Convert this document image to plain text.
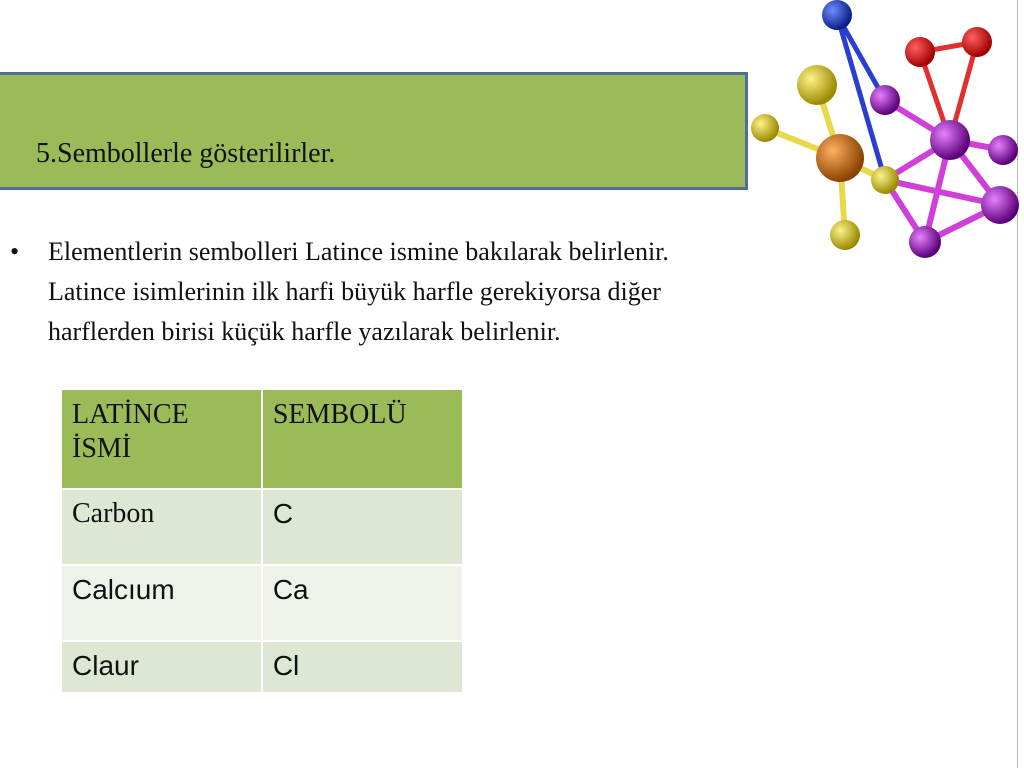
5.Sembollerle gösterilirler.
• Elementlerin sembolleri Latince ismine bakılarak belirlenir.
Latince isimlerinin ilk harfi büyük harfle gerekiyorsa diğer
harflerden birisi küçük harfle yazılarak belirlenir.
LATİNCE
İSMİ	SEMBOLÜ
Carbon	C
Calcıum	Ca
Claur	Cl
